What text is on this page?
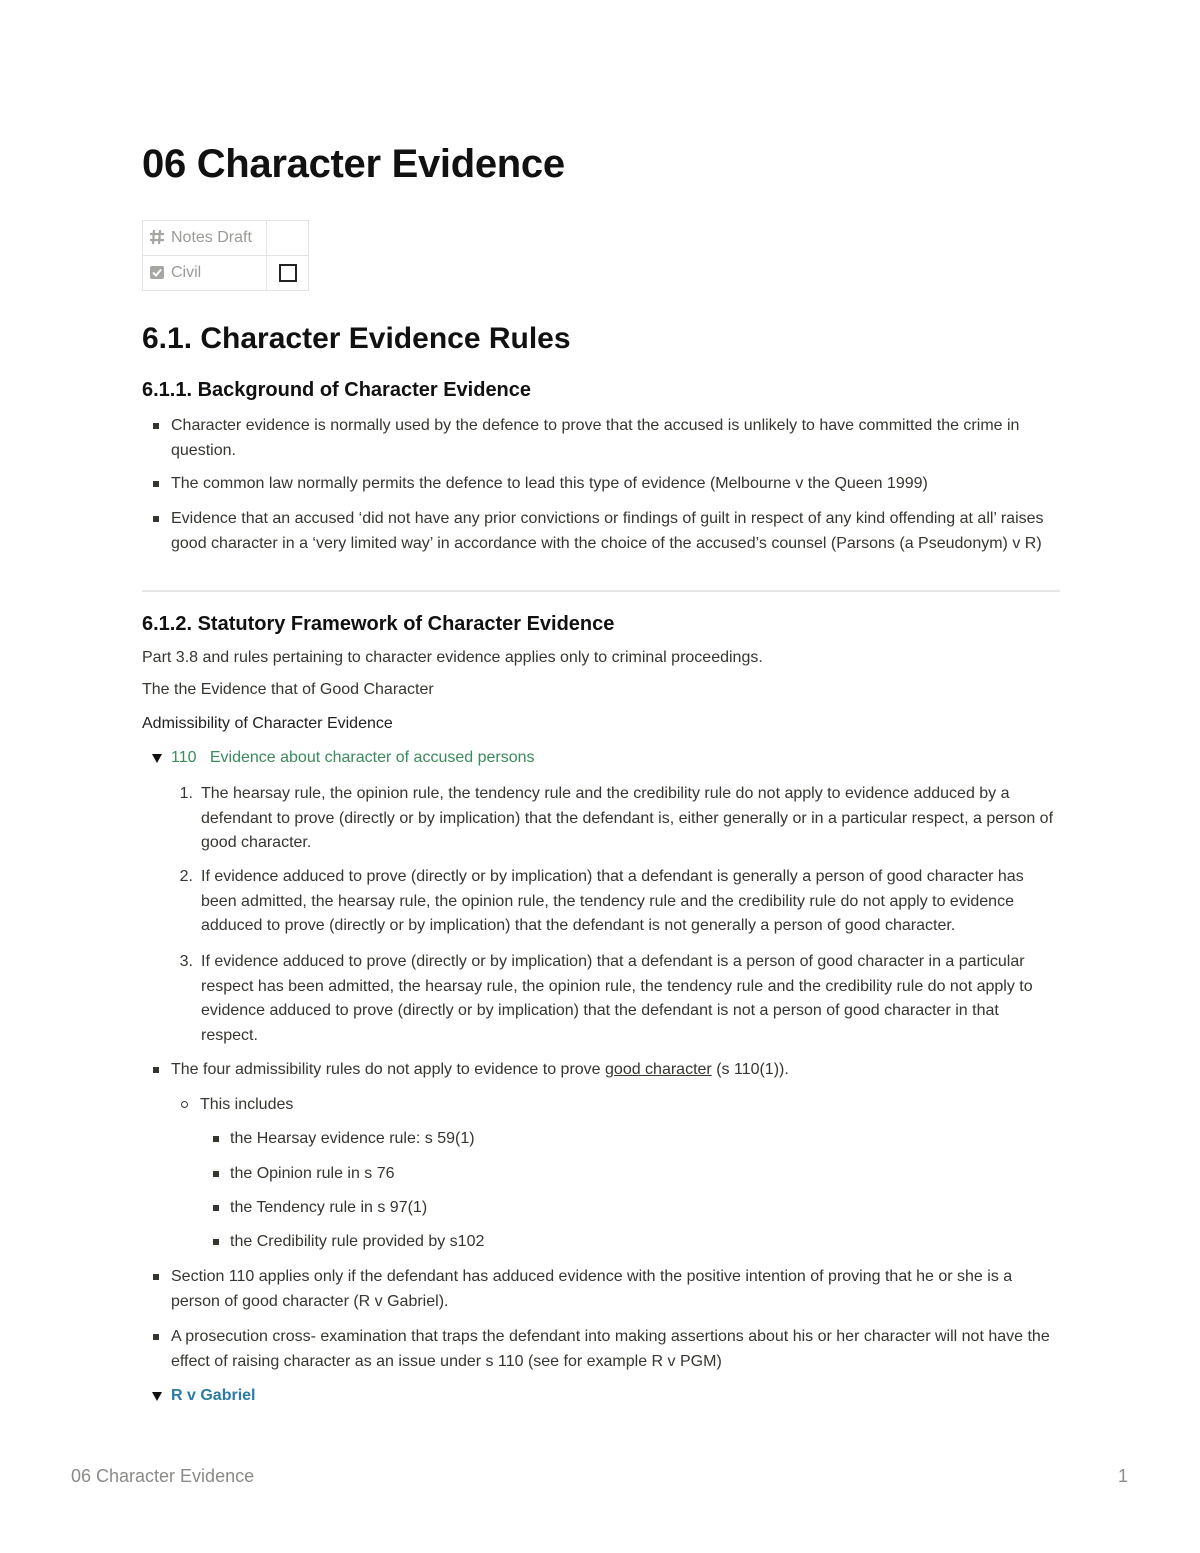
06 Character Evidence
Notes Draft	
Civil	
6.1. Character Evidence Rules
6.1.1. Background of Character Evidence
Character evidence is normally used by the defence to prove that the accused is unlikely to have committed the crime in question.
The common law normally permits the defence to lead this type of evidence (Melbourne v the Queen 1999)
Evidence that an accused ‘did not have any prior convictions or findings of guilt in respect of any kind offending at all’ raises good character in a ‘very limited way’ in accordance with the choice of the accused’s counsel (Parsons (a Pseudonym) v R)
6.1.2. Statutory Framework of Character Evidence
Part 3.8 and rules pertaining to character evidence applies only to criminal proceedings.
The the Evidence that of Good Character
Admissibility of Character Evidence
110 Evidence about character of accused persons
1. The hearsay rule, the opinion rule, the tendency rule and the credibility rule do not apply to evidence adduced by a defendant to prove (directly or by implication) that the defendant is, either generally or in a particular respect, a person of good character.
2. If evidence adduced to prove (directly or by implication) that a defendant is generally a person of good character has been admitted, the hearsay rule, the opinion rule, the tendency rule and the credibility rule do not apply to evidence adduced to prove (directly or by implication) that the defendant is not generally a person of good character.
3. If evidence adduced to prove (directly or by implication) that a defendant is a person of good character in a particular respect has been admitted, the hearsay rule, the opinion rule, the tendency rule and the credibility rule do not apply to evidence adduced to prove (directly or by implication) that the defendant is not a person of good character in that respect.
The four admissibility rules do not apply to evidence to prove good character (s 110(1)).
This includes
the Hearsay evidence rule: s 59(1)
the Opinion rule in s 76
the Tendency rule in s 97(1)
the Credibility rule provided by s102
Section 110 applies only if the defendant has adduced evidence with the positive intention of proving that he or she is a person of good character (R v Gabriel).
A prosecution cross- examination that traps the defendant into making assertions about his or her character will not have the effect of raising character as an issue under s 110 (see for example R v PGM)
R v Gabriel
06 Character Evidence	1
